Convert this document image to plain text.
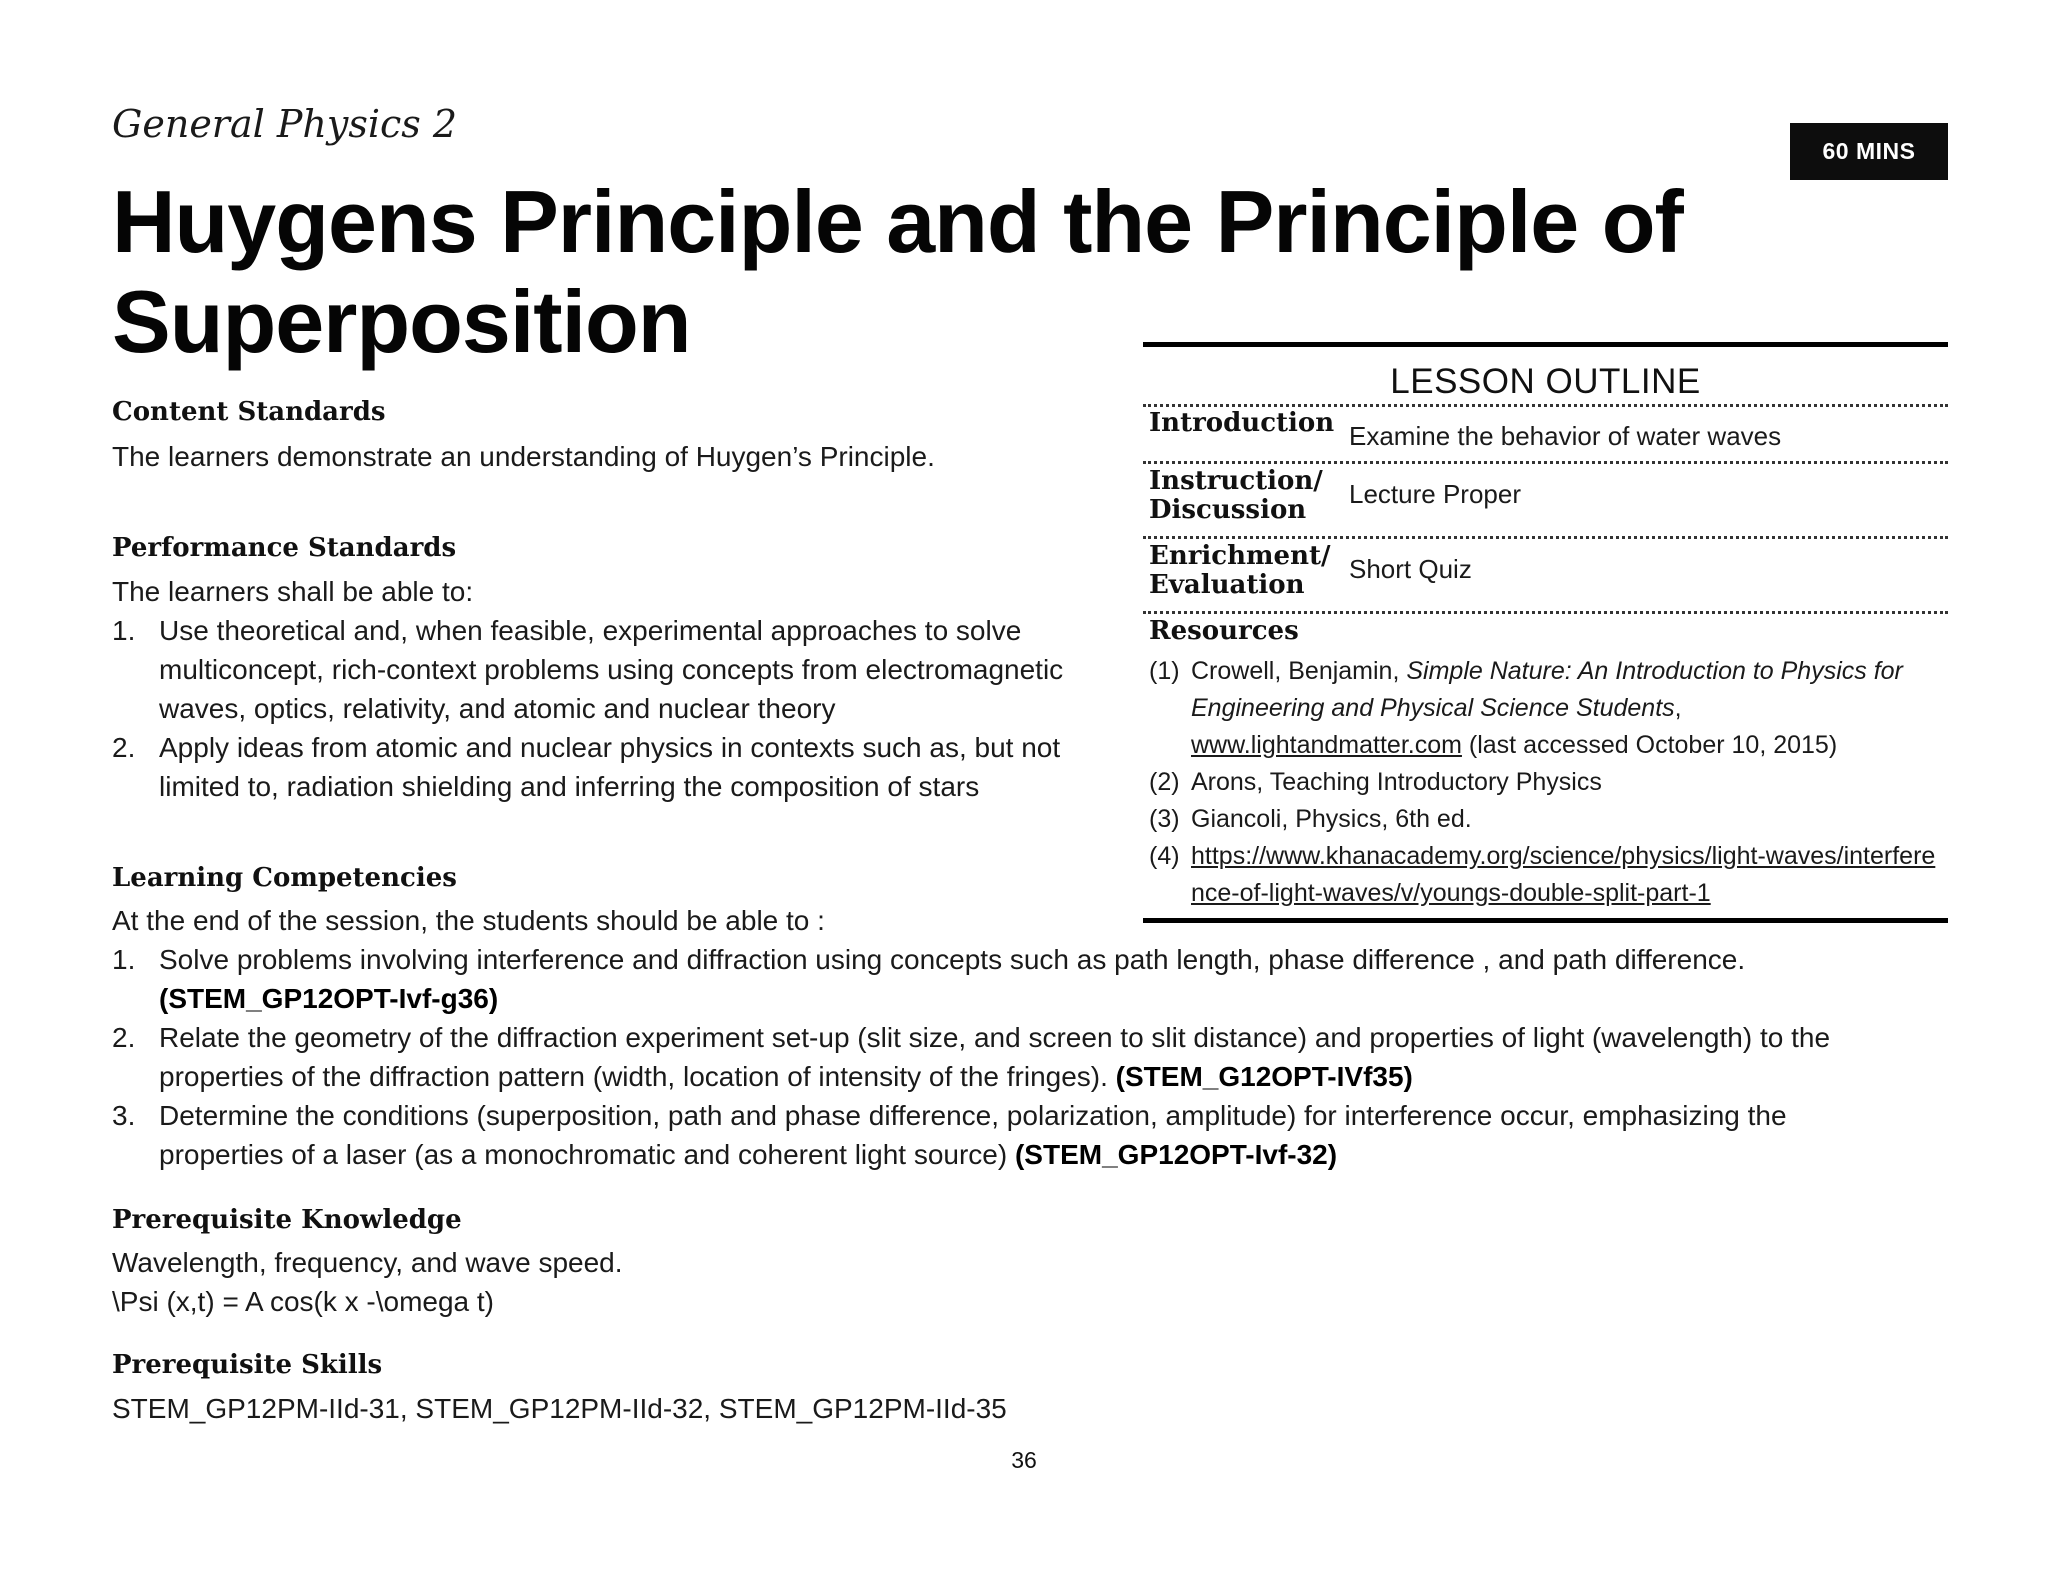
General Physics 2
60 MINS
Huygens Principle and the Principle of Superposition
Content Standards
The learners demonstrate an understanding of Huygen’s Principle.
Performance Standards
The learners shall be able to:
1. Use theoretical and, when feasible, experimental approaches to solve multiconcept, rich-context problems using concepts from electromagnetic waves, optics, relativity, and atomic and nuclear theory
2. Apply ideas from atomic and nuclear physics in contexts such as, but not limited to, radiation shielding and inferring the composition of stars
Learning Competencies
At the end of the session, the students should be able to :
1. Solve problems involving interference and diffraction using concepts such as path length, phase difference , and path difference.
(STEM_GP12OPT-Ivf-g36)
2. Relate the geometry of the diffraction experiment set-up (slit size, and screen to slit distance) and properties of light (wavelength) to the properties of the diffraction pattern (width, location of intensity of the fringes). (STEM_G12OPT-IVf35)
3. Determine the conditions (superposition, path and phase difference, polarization, amplitude) for interference occur, emphasizing the properties of a laser (as a monochromatic and coherent light source) (STEM_GP12OPT-Ivf-32)
Prerequisite Knowledge
Wavelength, frequency, and wave speed.
\Psi (x,t) = A cos(k x -\omega t)
Prerequisite Skills
STEM_GP12PM-IId-31, STEM_GP12PM-IId-32, STEM_GP12PM-IId-35
LESSON OUTLINE
Introduction Examine the behavior of water waves
Instruction/ Discussion
Lecture Proper
Enrichment/ Evaluation
Short Quiz
Resources
(1) Crowell, Benjamin, Simple Nature: An Introduction to Physics for Engineering and Physical Science Students, www.lightandmatter.com (last accessed October 10, 2015)
(2) Arons, Teaching Introductory Physics
(3) Giancoli, Physics, 6th ed.
(4) https://www.khanacademy.org/science/physics/light-waves/interference-of-light-waves/v/youngs-double-split-part-1
36
